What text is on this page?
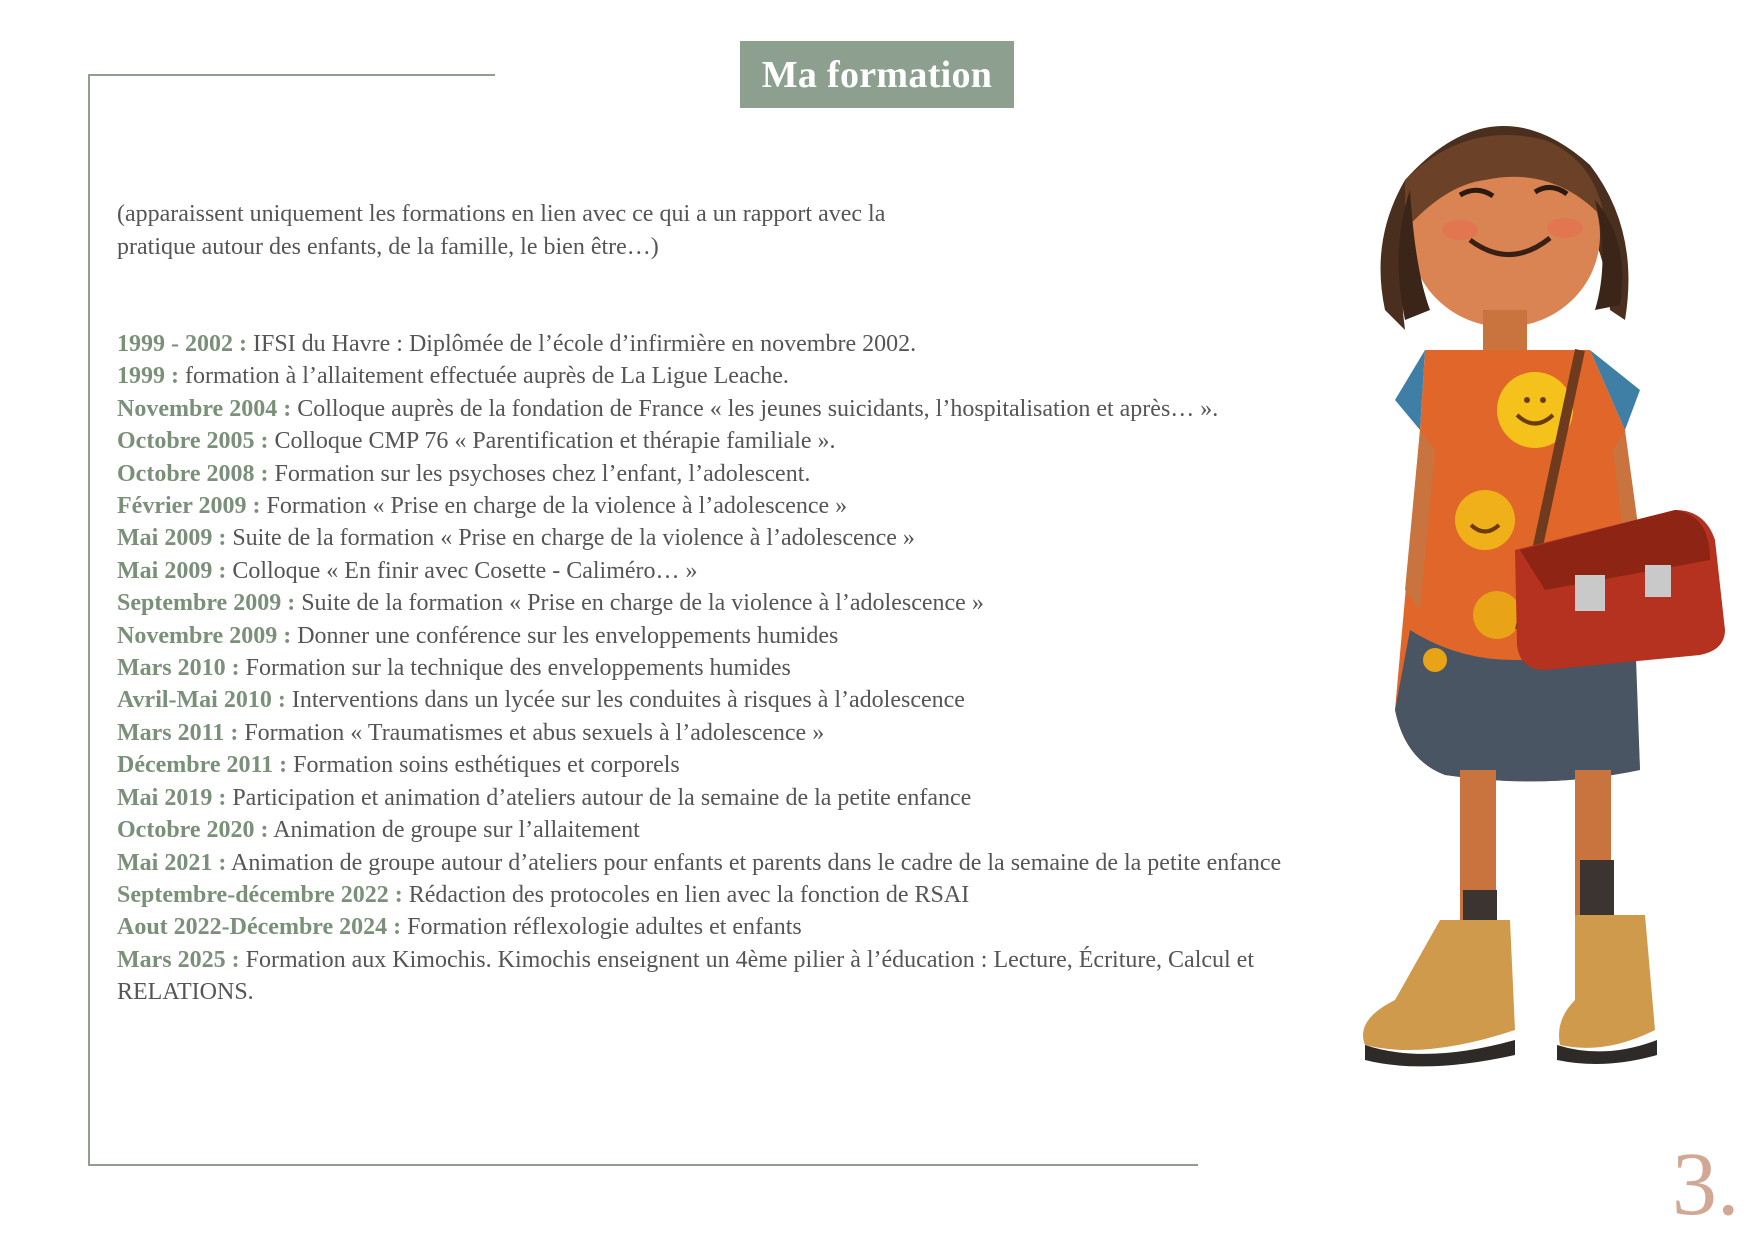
Ma formation

(apparaissent uniquement les formations en lien avec ce qui a un rapport avec la pratique autour des enfants, de la famille, le bien être…)

1999 - 2002 : IFSI du Havre : Diplômée de l’école d’infirmière en novembre 2002.
1999 : formation à l’allaitement effectuée auprès de La Ligue Leache.
Novembre 2004 : Colloque auprès de la fondation de France « les jeunes suicidants, l’hospitalisation et après… ».
Octobre 2005 : Colloque CMP 76 « Parentification et thérapie familiale ».
Octobre 2008 : Formation sur les psychoses chez l’enfant, l’adolescent.
Février 2009 : Formation « Prise en charge de la violence à l’adolescence »
Mai 2009 : Suite de la formation « Prise en charge de la violence à l’adolescence »
Mai 2009 : Colloque « En finir avec Cosette - Caliméro… »
Septembre 2009 : Suite de la formation « Prise en charge de la violence à l’adolescence »
Novembre 2009 : Donner une conférence sur les enveloppements humides
Mars 2010 : Formation sur la technique des enveloppements humides
Avril-Mai 2010 : Interventions dans un lycée sur les conduites à risques à l’adolescence
Mars 2011 : Formation « Traumatismes et abus sexuels à l’adolescence »
Décembre 2011 : Formation soins esthétiques et corporels
Mai 2019 : Participation et animation d’ateliers autour de la semaine de la petite enfance
Octobre 2020 : Animation de groupe sur l’allaitement
Mai 2021 : Animation de groupe autour d’ateliers pour enfants et parents dans le cadre de la semaine de la petite enfance
Septembre-décembre 2022 : Rédaction des protocoles en lien avec la fonction de RSAI
Aout 2022-Décembre 2024 : Formation réflexologie adultes et enfants
Mars 2025 : Formation aux Kimochis. Kimochis enseignent un 4ème pilier à l’éducation : Lecture, Écriture, Calcul et RELATIONS.
3.
